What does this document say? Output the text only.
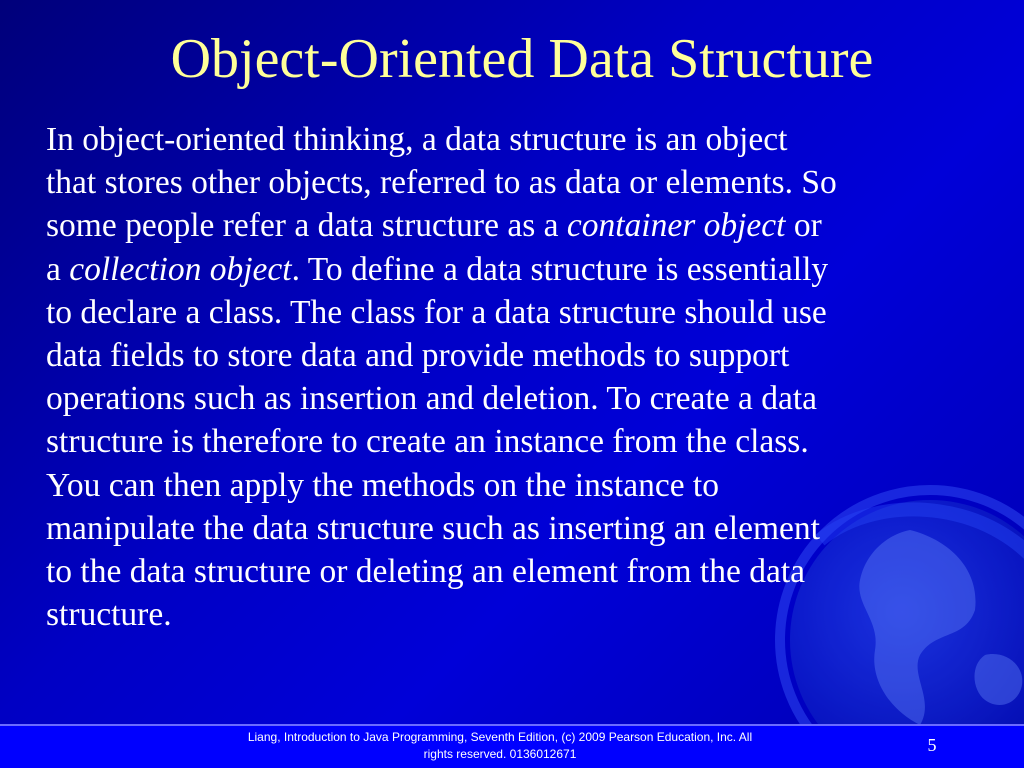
Object-Oriented Data Structure
In object-oriented thinking, a data structure is an object
that stores other objects, referred to as data or elements. So
some people refer a data structure as a container object or
a collection object. To define a data structure is essentially
to declare a class. The class for a data structure should use
data fields to store data and provide methods to support
operations such as insertion and deletion. To create a data
structure is therefore to create an instance from the class.
You can then apply the methods on the instance to
manipulate the data structure such as inserting an element
to the data structure or deleting an element from the data
structure.
Liang, Introduction to Java Programming, Seventh Edition, (c) 2009 Pearson Education, Inc. All
rights reserved. 0136012671	5
